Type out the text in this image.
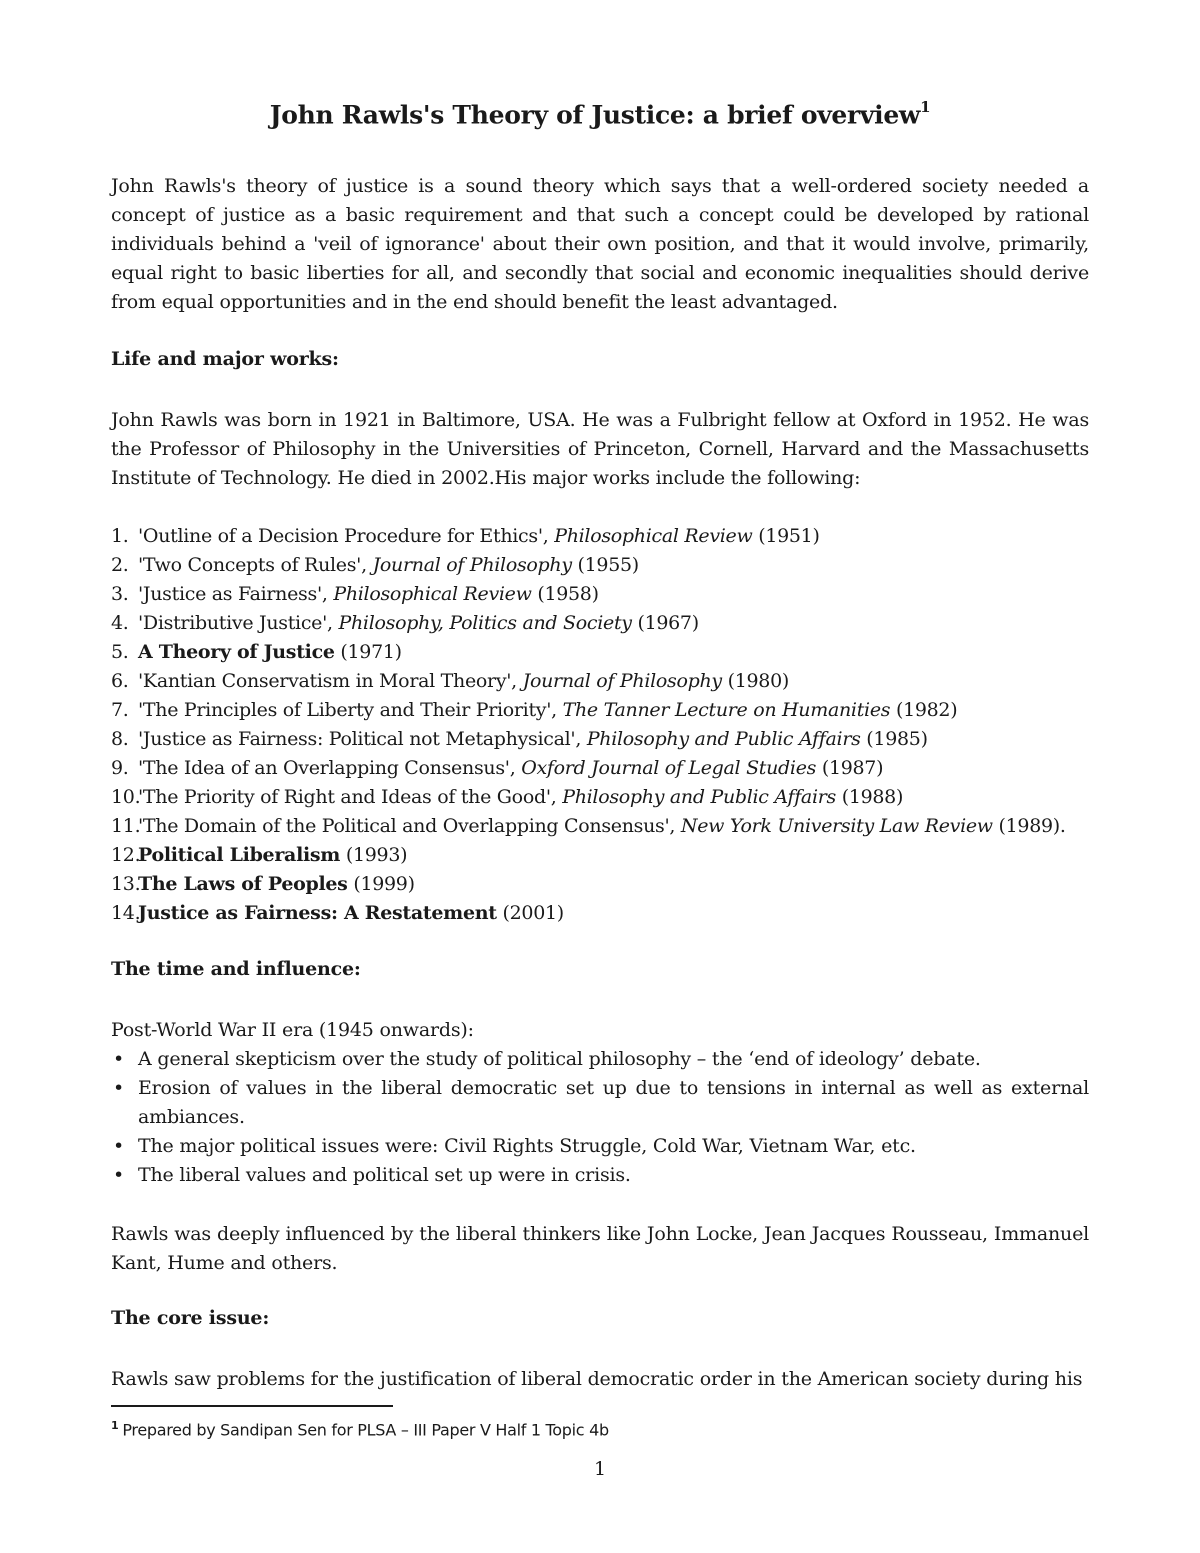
John Rawls's Theory of Justice: a brief overview$^1$
John Rawls's theory of justice is a sound theory which says that a well-ordered society needed a concept of justice as a basic requirement and that such a concept could be developed by rational individuals behind a 'veil of ignorance' about their own position, and that it would involve, primarily, equal right to basic liberties for all, and secondly that social and economic inequalities should derive from equal opportunities and in the end should benefit the least advantaged.
Life and major works:
John Rawls was born in 1921 in Baltimore, USA. He was a Fulbright fellow at Oxford in 1952. He was the Professor of Philosophy in the Universities of Princeton, Cornell, Harvard and the Massachusetts Institute of Technology. He died in 2002.His major works include the following:
1. 'Outline of a Decision Procedure for Ethics', Philosophical Review (1951)
2. 'Two Concepts of Rules', Journal of Philosophy (1955)
3. 'Justice as Fairness', Philosophical Review (1958)
4. 'Distributive Justice', Philosophy, Politics and Society (1967)
5. A Theory of Justice (1971)
6. 'Kantian Conservatism in Moral Theory', Journal of Philosophy (1980)
7. 'The Principles of Liberty and Their Priority', The Tanner Lecture on Humanities (1982)
8. 'Justice as Fairness: Political not Metaphysical', Philosophy and Public Affairs (1985)
9. 'The Idea of an Overlapping Consensus', Oxford Journal of Legal Studies (1987)
10.'The Priority of Right and Ideas of the Good', Philosophy and Public Affairs (1988)
11.'The Domain of the Political and Overlapping Consensus', New York University Law Review (1989).
12.Political Liberalism (1993)
13.The Laws of Peoples (1999)
14.Justice as Fairness: A Restatement (2001)
The time and influence:
Post-World War II era (1945 onwards):
• A general skepticism over the study of political philosophy – the ‘end of ideology’ debate.
• Erosion of values in the liberal democratic set up due to tensions in internal as well as external ambiances.
• The major political issues were: Civil Rights Struggle, Cold War, Vietnam War, etc.
• The liberal values and political set up were in crisis.
Rawls was deeply influenced by the liberal thinkers like John Locke, Jean Jacques Rousseau, Immanuel Kant, Hume and others.
The core issue:
Rawls saw problems for the justification of liberal democratic order in the American society during his
$^1$ Prepared by Sandipan Sen for PLSA – III Paper V Half 1 Topic 4b
1
